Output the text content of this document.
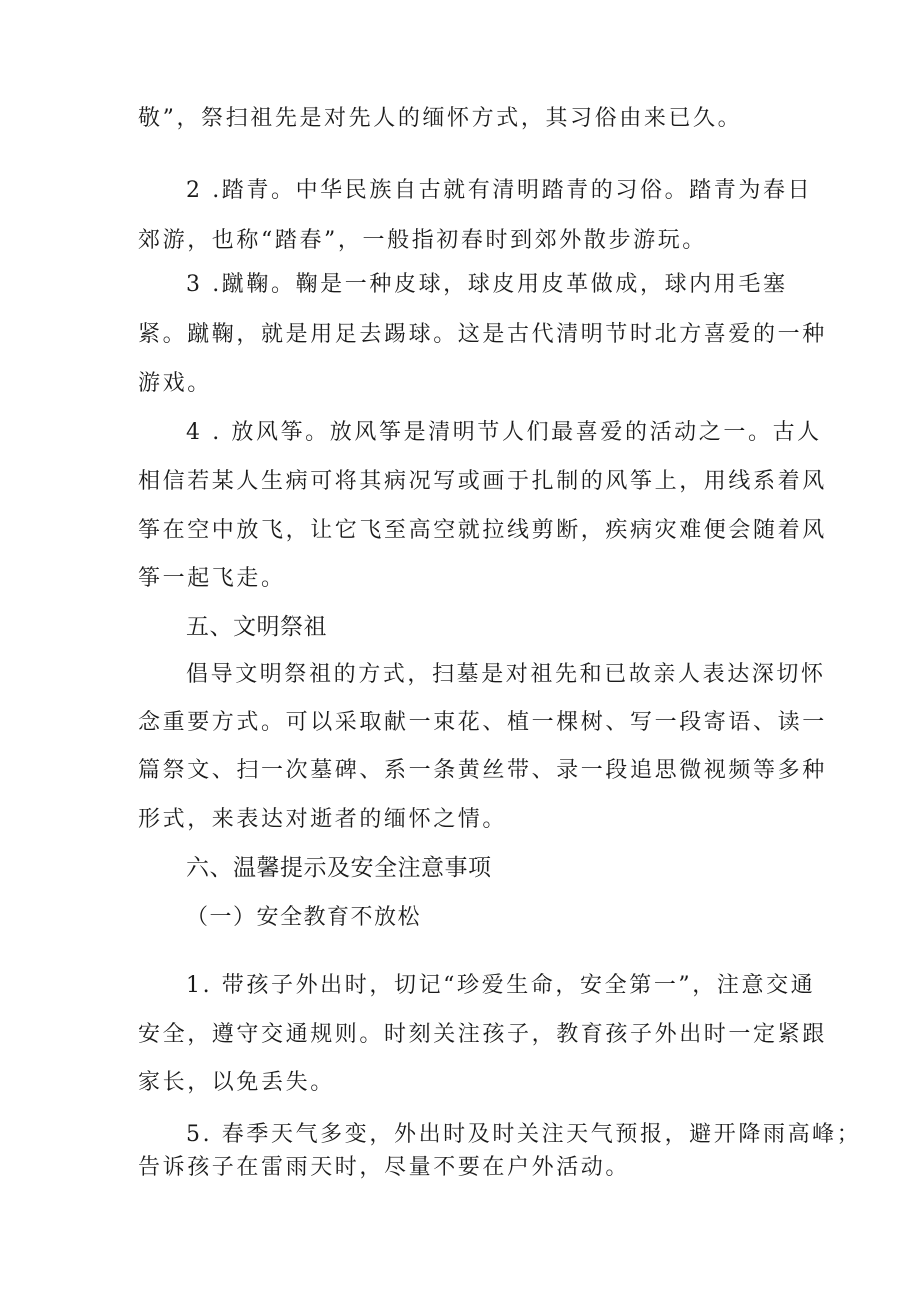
敬”，祭扫祖先是对先人的缅怀方式，其习俗由来已久。
2 .踏青。中华民族自古就有清明踏青的习俗。踏青为春日
郊游，也称“踏春”，一般指初春时到郊外散步游玩。
3 .蹴鞠。鞠是一种皮球，球皮用皮革做成，球内用毛塞
紧。蹴鞠，就是用足去踢球。这是古代清明节时北方喜爱的一种
游戏。
4 . 放风筝。放风筝是清明节人们最喜爱的活动之一。古人
相信若某人生病可将其病况写或画于扎制的风筝上，用线系着风
筝在空中放飞，让它飞至高空就拉线剪断，疾病灾难便会随着风
筝一起飞走。
五、文明祭祖
倡导文明祭祖的方式，扫墓是对祖先和已故亲人表达深切怀
念重要方式。可以采取献一束花、植一棵树、写一段寄语、读一
篇祭文、扫一次墓碑、系一条黄丝带、录一段追思微视频等多种
形式，来表达对逝者的缅怀之情。
六、温馨提示及安全注意事项
（一）安全教育不放松
1. 带孩子外出时，切记“珍爱生命，安全第一”，注意交通
安全，遵守交通规则。时刻关注孩子，教育孩子外出时一定紧跟
家长，以免丢失。
5. 春季天气多变，外出时及时关注天气预报，避开降雨高峰；
告诉孩子在雷雨天时，尽量不要在户外活动。
